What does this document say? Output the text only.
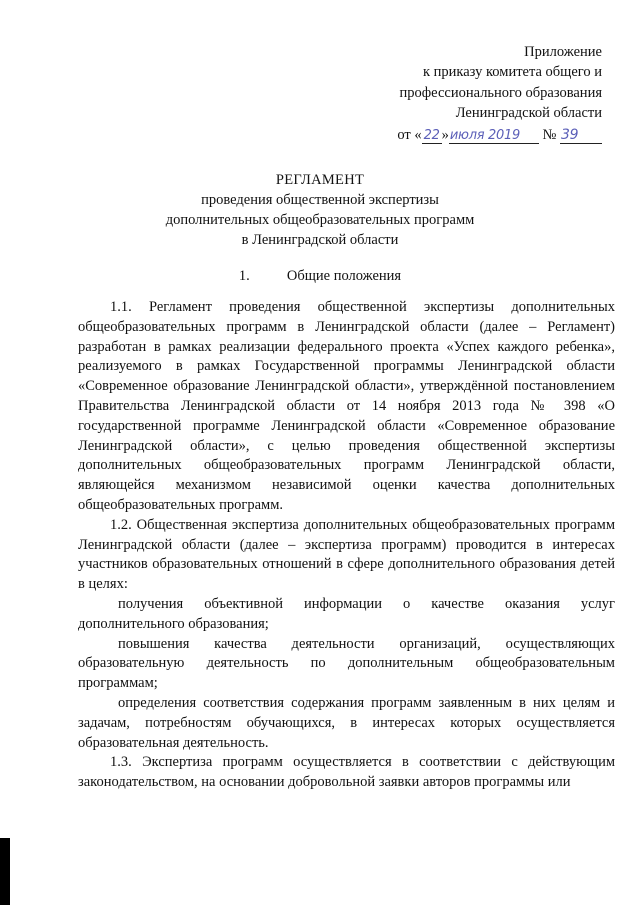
Приложение
к приказу комитета общего и
профессионального образования
Ленинградской области
от « 22 »июля 2019 № 39
РЕГЛАМЕНТ
проведения общественной экспертизы
дополнительных общеобразовательных программ
в Ленинградской области
1.	Общие положения

1.1. Регламент проведения общественной экспертизы дополнительных общеобразовательных программ в Ленинградской области (далее – Регламент) разработан в рамках реализации федерального проекта «Успех каждого ребенка», реализуемого в рамках Государственной программы Ленинградской области «Современное образование Ленинградской области», утверждённой постановлением Правительства Ленинградской области от 14 ноября 2013 года № 398 «О государственной программе Ленинградской области «Современное образование Ленинградской области», с целью проведения общественной экспертизы дополнительных общеобразовательных программ Ленинградской области, являющейся механизмом независимой оценки качества дополнительных общеобразовательных программ.

1.2. Общественная экспертиза дополнительных общеобразовательных программ Ленинградской области (далее – экспертиза программ) проводится в интересах участников образовательных отношений в сфере дополнительного образования детей в целях:

получения объективной информации о качестве оказания услуг дополнительного образования;

повышения качества деятельности организаций, осуществляющих образовательную деятельность по дополнительным общеобразовательным программам;

определения соответствия содержания программ заявленным в них целям и задачам, потребностям обучающихся, в интересах которых осуществляется образовательная деятельность.

1.3. Экспертиза программ осуществляется в соответствии с действующим законодательством, на основании добровольной заявки авторов программы или
